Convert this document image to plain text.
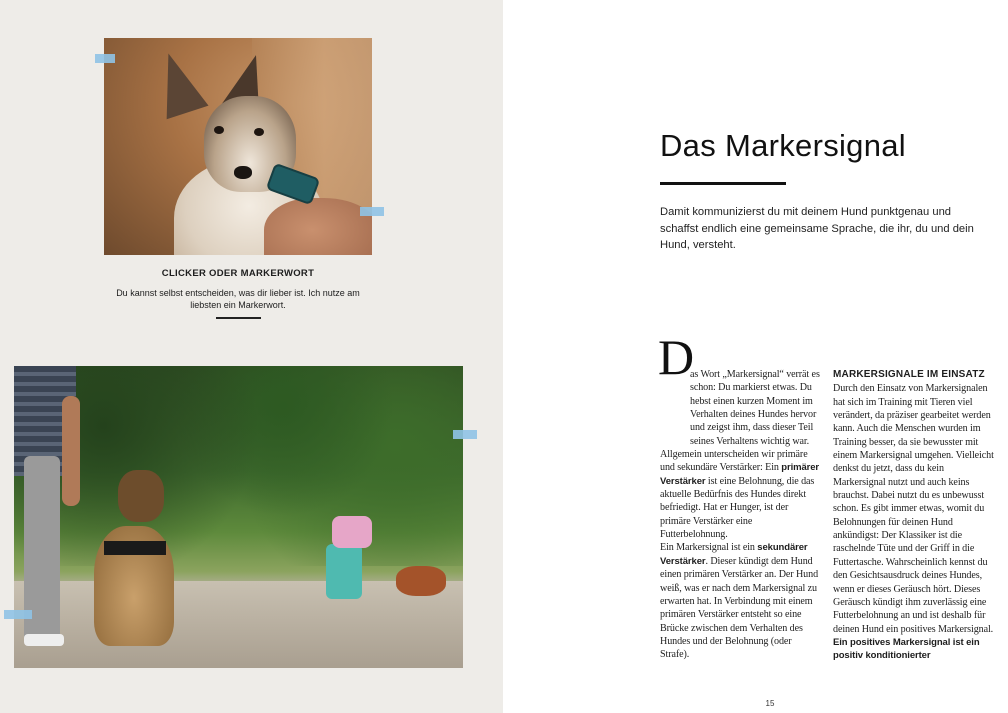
CLICKER ODER MARKERWORT
Du kannst selbst entscheiden, was dir lieber ist. Ich nutze am liebsten ein Markerwort.
Das Markersignal

Damit kommunizierst du mit deinem Hund punktgenau und schaffst endlich eine gemeinsame Sprache, die ihr, du und dein Hund, versteht.

D
as Wort „Markersignal“ verrät es schon: Du markierst etwas. Du hebst einen kurzen Moment im Verhalten deines Hundes hervor und zeigst ihm, dass dieser Teil seines Verhaltens wichtig war.
Allgemein unterscheiden wir primäre und sekundäre Verstärker: Ein primärer Verstärker ist eine Belohnung, die das aktuelle Bedürfnis des Hundes direkt befriedigt. Hat er Hunger, ist der primäre Verstärker eine Futterbelohnung.
Ein Markersignal ist ein sekundärer Verstärker. Dieser kündigt dem Hund einen primären Verstärker an. Der Hund weiß, was er nach dem Markersignal zu erwarten hat. In Verbindung mit einem primären Verstärker entsteht so eine Brücke zwischen dem Verhalten des Hundes und der Belohnung (oder Strafe).
MARKERSIGNALE IM EINSATZ
Durch den Einsatz von Markersignalen hat sich im Training mit Tieren viel verändert, da präziser gearbeitet werden kann. Auch die Menschen wurden im Training besser, da sie bewusster mit einem Markersignal umgehen. Vielleicht denkst du jetzt, dass du kein Markersignal nutzt und auch keins brauchst. Dabei nutzt du es unbewusst schon. Es gibt immer etwas, womit du Belohnungen für deinen Hund ankündigst: Der Klassiker ist die raschelnde Tüte und der Griff in die Futtertasche. Wahrscheinlich kennst du den Gesichtsausdruck deines Hundes, wenn er dieses Geräusch hört. Dieses Geräusch kündigt ihm zuverlässig eine Futterbelohnung an und ist deshalb für deinen Hund ein positives Markersignal. Ein positives Markersignal ist ein positiv konditionierter
15
